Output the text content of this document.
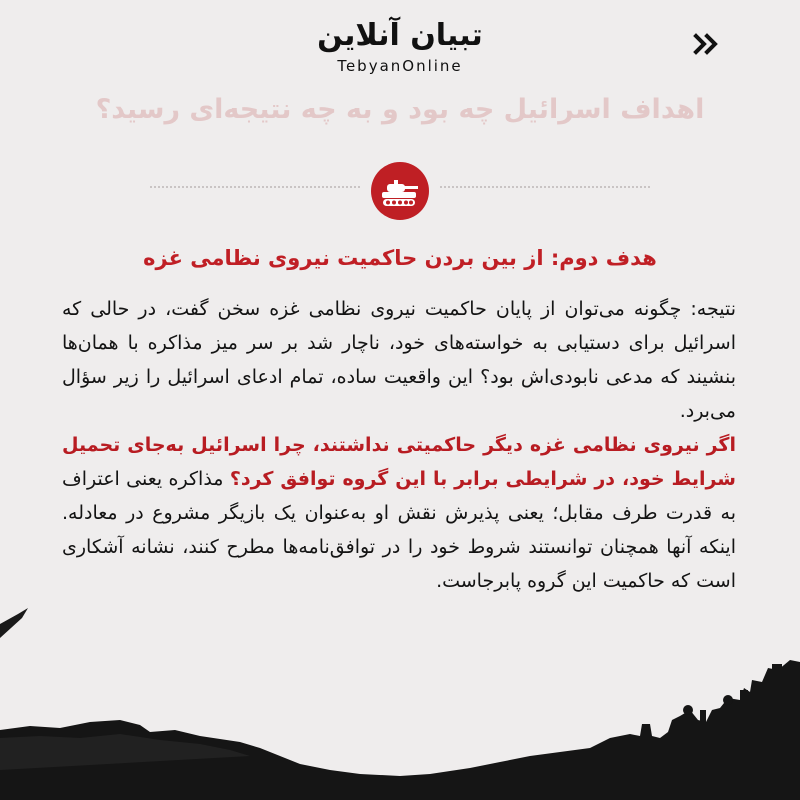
تبیان آنلاین
TebyanOnline
اهداف اسرائیل چه بود و به چه نتیجه‌ای رسید؟
هدف دوم: از بین بردن حاکمیت نیروی نظامی غزه

نتیجه: چگونه می‌توان از پایان حاکمیت نیروی نظامی غزه سخن گفت، در حالی که اسرائیل برای دستیابی به خواسته‌های خود، ناچار شد بر سر میز مذاکره با همان‌ها بنشیند که مدعی نابودی‌اش بود؟ این واقعیت ساده، تمام ادعای اسرائیل را زیر سؤال می‌برد.

اگر نیروی نظامی غزه دیگر حاکمیتی نداشتند، چرا اسرائیل به‌جای تحمیل شرایط خود، در شرایطی برابر با این گروه توافق کرد؟ مذاکره یعنی اعتراف به قدرت طرف مقابل؛ یعنی پذیرش نقش او به‌عنوان یک بازیگر مشروع در معادله. اینکه آنها همچنان توانستند شروط خود را در توافق‌نامه‌ها مطرح کنند، نشانه آشکاری است که حاکمیت این گروه پابرجاست.
